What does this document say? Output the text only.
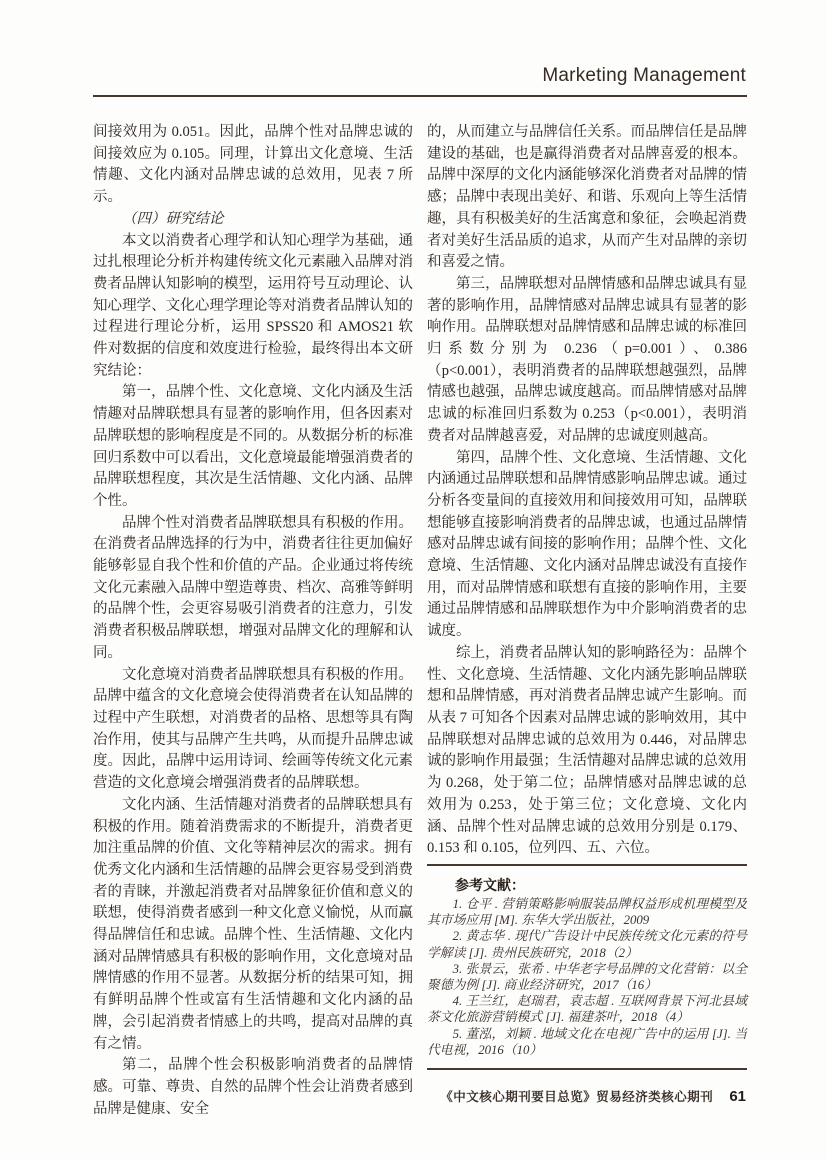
Marketing Management

间接效用为 0.051。因此，品牌个性对品牌忠诚的间接效应为 0.105。同理，计算出文化意境、生活情趣、文化内涵对品牌忠诚的总效用，见表 7 所示。

（四）研究结论

本文以消费者心理学和认知心理学为基础，通过扎根理论分析并构建传统文化元素融入品牌对消费者品牌认知影响的模型，运用符号互动理论、认知心理学、文化心理学理论等对消费者品牌认知的过程进行理论分析，运用 SPSS20 和 AMOS21 软件对数据的信度和效度进行检验，最终得出本文研究结论：

第一，品牌个性、文化意境、文化内涵及生活情趣对品牌联想具有显著的影响作用，但各因素对品牌联想的影响程度是不同的。从数据分析的标准回归系数中可以看出，文化意境最能增强消费者的品牌联想程度，其次是生活情趣、文化内涵、品牌个性。

品牌个性对消费者品牌联想具有积极的作用。在消费者品牌选择的行为中，消费者往往更加偏好能够彰显自我个性和价值的产品。企业通过将传统文化元素融入品牌中塑造尊贵、档次、高雅等鲜明的品牌个性，会更容易吸引消费者的注意力，引发消费者积极品牌联想，增强对品牌文化的理解和认同。

文化意境对消费者品牌联想具有积极的作用。品牌中蕴含的文化意境会使得消费者在认知品牌的过程中产生联想，对消费者的品格、思想等具有陶冶作用，使其与品牌产生共鸣，从而提升品牌忠诚度。因此，品牌中运用诗词、绘画等传统文化元素营造的文化意境会增强消费者的品牌联想。

文化内涵、生活情趣对消费者的品牌联想具有积极的作用。随着消费需求的不断提升，消费者更加注重品牌的价值、文化等精神层次的需求。拥有优秀文化内涵和生活情趣的品牌会更容易受到消费者的青睐，并激起消费者对品牌象征价值和意义的联想，使得消费者感到一种文化意义愉悦，从而赢得品牌信任和忠诚。品牌个性、生活情趣、文化内涵对品牌情感具有积极的影响作用，文化意境对品牌情感的作用不显著。从数据分析的结果可知，拥有鲜明品牌个性或富有生活情趣和文化内涵的品牌，会引起消费者情感上的共鸣，提高对品牌的真有之情。

第二，品牌个性会积极影响消费者的品牌情感。可靠、尊贵、自然的品牌个性会让消费者感到品牌是健康、安全

的，从而建立与品牌信任关系。而品牌信任是品牌建设的基础，也是赢得消费者对品牌喜爱的根本。品牌中深厚的文化内涵能够深化消费者对品牌的情感；品牌中表现出美好、和谐、乐观向上等生活情趣，具有积极美好的生活寓意和象征，会唤起消费者对美好生活品质的追求，从而产生对品牌的亲切和喜爱之情。

第三，品牌联想对品牌情感和品牌忠诚具有显著的影响作用，品牌情感对品牌忠诚具有显著的影响作用。品牌联想对品牌情感和品牌忠诚的标准回归系数分别为 0.236（p=0.001）、0.386（p<0.001），表明消费者的品牌联想越强烈，品牌情感也越强，品牌忠诚度越高。而品牌情感对品牌忠诚的标准回归系数为 0.253（p<0.001），表明消费者对品牌越喜爱，对品牌的忠诚度则越高。

第四，品牌个性、文化意境、生活情趣、文化内涵通过品牌联想和品牌情感影响品牌忠诚。通过分析各变量间的直接效用和间接效用可知，品牌联想能够直接影响消费者的品牌忠诚，也通过品牌情感对品牌忠诚有间接的影响作用；品牌个性、文化意境、生活情趣、文化内涵对品牌忠诚没有直接作用，而对品牌情感和联想有直接的影响作用，主要通过品牌情感和品牌联想作为中介影响消费者的忠诚度。

综上，消费者品牌认知的影响路径为：品牌个性、文化意境、生活情趣、文化内涵先影响品牌联想和品牌情感，再对消费者品牌忠诚产生影响。而从表 7 可知各个因素对品牌忠诚的影响效用，其中品牌联想对品牌忠诚的总效用为 0.446，对品牌忠诚的影响作用最强；生活情趣对品牌忠诚的总效用为 0.268，处于第二位；品牌情感对品牌忠诚的总效用为 0.253，处于第三位；文化意境、文化内涵、品牌个性对品牌忠诚的总效用分别是 0.179、0.153 和 0.105，位列四、五、六位。

参考文献：

1. 仓平 . 营销策略影响服装品牌权益形成机理模型及其市场应用 [M]. 东华大学出版社，2009

2. 黄志华 . 现代广告设计中民族传统文化元素的符号学解读 [J]. 贵州民族研究，2018（2）

3. 张景云，张希 . 中华老字号品牌的文化营销：以全聚德为例 [J]. 商业经济研究，2017（16）

4. 王兰红，赵瑞君，袁志超 . 互联网背景下河北县域茶文化旅游营销模式 [J]. 福建茶叶，2018（4）

5. 董泓，刘颖 . 地域文化在电视广告中的运用 [J]. 当代电视，2016（10）

《中文核心期刊要目总览》贸易经济类核心期刊 61
